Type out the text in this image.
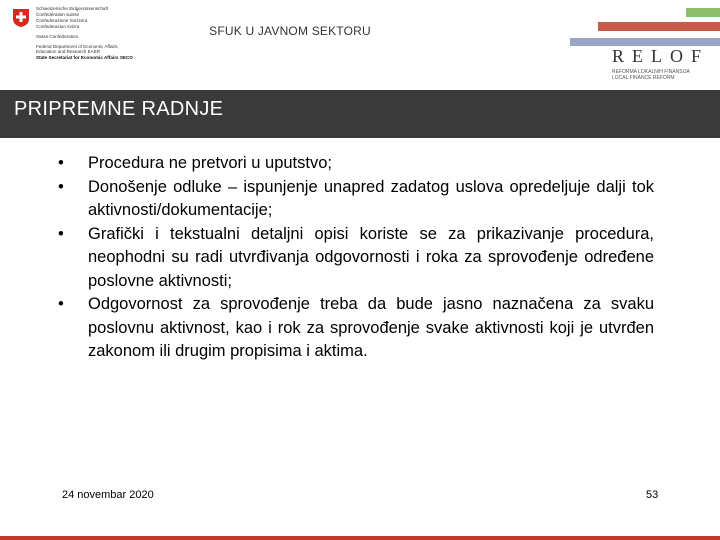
Schweizerische Eidgenossenschaft
Confédération suisse
Confederazione Svizzera
Confederaziun svizra
Swiss Confederation
Federal Department of Economic Affairs,
Education and Research EAER
State Secretariat for Economic Affairs SECO
SFUK U JAVNOM SEKTORU
RELOF
REFORMA LOKALNIH FINANSIJA
LOCAL FINANCE REFORM
PRIPREMNE RADNJE
•	Procedura ne pretvori u uputstvo;
•	Donošenje odluke – ispunjenje unapred zadatog uslova opredeljuje dalji tok aktivnosti/dokumentacije;
•	Grafički i tekstualni detaljni opisi koriste se za prikazivanje procedura, neophodni su radi utvrđivanja odgovornosti i roka za sprovođenje određene poslovne aktivnosti;
•	Odgovornost za sprovođenje treba da bude jasno naznačena za svaku poslovnu aktivnost, kao i rok za sprovođenje svake aktivnosti koji je utvrđen zakonom ili drugim propisima i aktima.
24 novembar 2020	53
